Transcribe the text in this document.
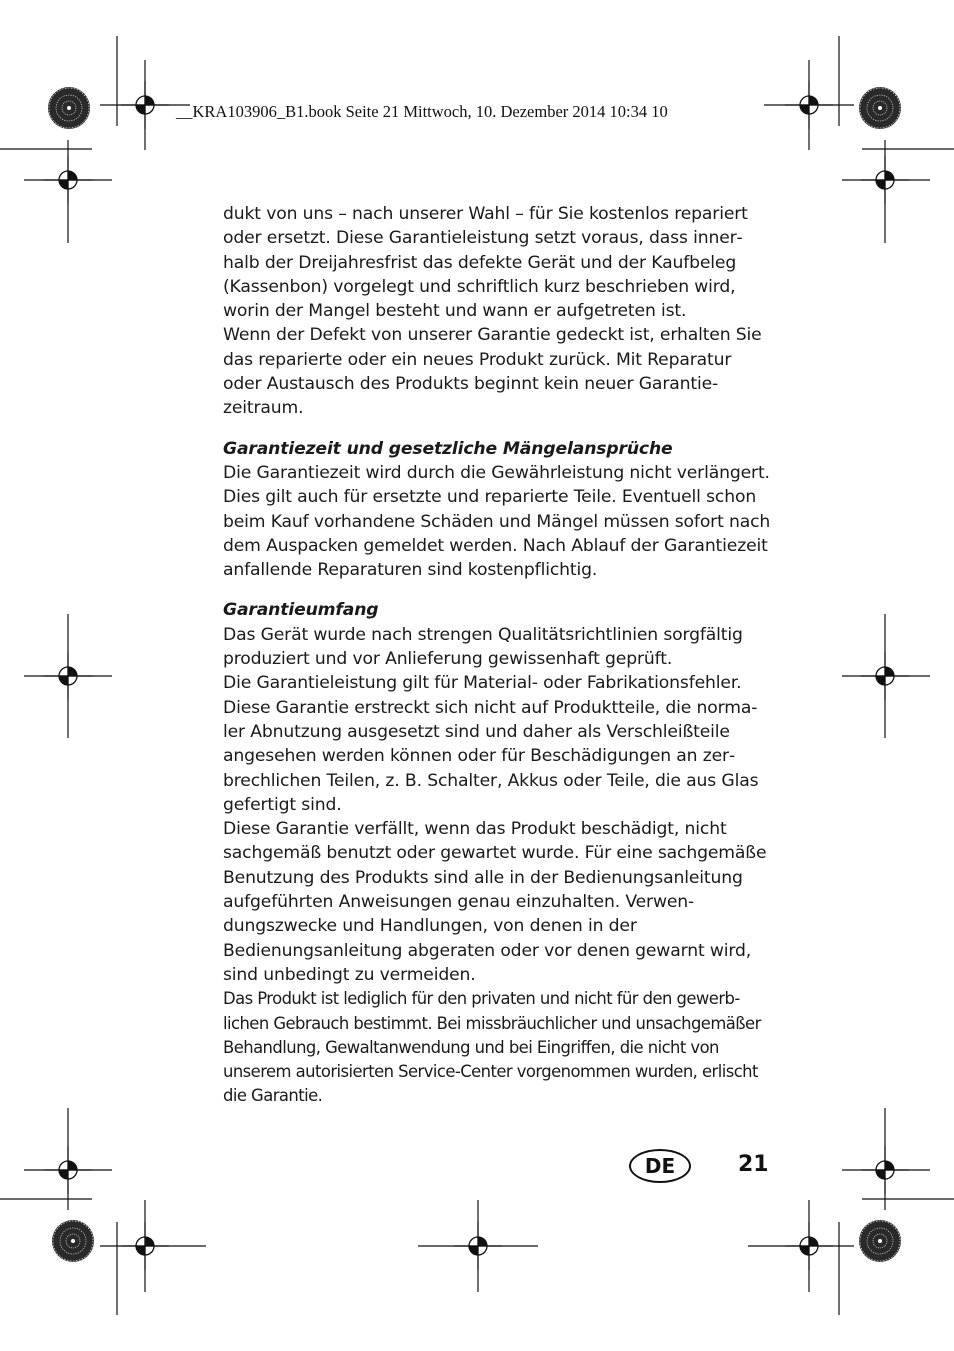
__KRA103906_B1.book Seite 21 Mittwoch, 10. Dezember 2014 10:34 10

dukt von uns – nach unserer Wahl – für Sie kostenlos repariert oder ersetzt. Diese Garantieleistung setzt voraus, dass innerhalb der Dreijahresfrist das defekte Gerät und der Kaufbeleg (Kassenbon) vorgelegt und schriftlich kurz beschrieben wird, worin der Mangel besteht und wann er aufgetreten ist.

Wenn der Defekt von unserer Garantie gedeckt ist, erhalten Sie das reparierte oder ein neues Produkt zurück. Mit Reparatur oder Austausch des Produkts beginnt kein neuer Garantiezeitraum.

Garantiezeit und gesetzliche Mängelansprüche

Die Garantiezeit wird durch die Gewährleistung nicht verlängert. Dies gilt auch für ersetzte und reparierte Teile. Eventuell schon beim Kauf vorhandene Schäden und Mängel müssen sofort nach dem Auspacken gemeldet werden. Nach Ablauf der Garantiezeit anfallende Reparaturen sind kostenpflichtig.

Garantieumfang

Das Gerät wurde nach strengen Qualitätsrichtlinien sorgfältig produziert und vor Anlieferung gewissenhaft geprüft.

Die Garantieleistung gilt für Material- oder Fabrikationsfehler. Diese Garantie erstreckt sich nicht auf Produktteile, die normaler Abnutzung ausgesetzt sind und daher als Verschleißteile angesehen werden können oder für Beschädigungen an zerbrechlichen Teilen, z. B. Schalter, Akkus oder Teile, die aus Glas gefertigt sind.

Diese Garantie verfällt, wenn das Produkt beschädigt, nicht sachgemäß benutzt oder gewartet wurde. Für eine sachgemäße Benutzung des Produkts sind alle in der Bedienungsanleitung aufgeführten Anweisungen genau einzuhalten. Verwendungszwecke und Handlungen, von denen in der Bedienungsanleitung abgeraten oder vor denen gewarnt wird, sind unbedingt zu vermeiden.

Das Produkt ist lediglich für den privaten und nicht für den gewerblichen Gebrauch bestimmt. Bei missbräuchlicher und unsachgemäßer Behandlung, Gewaltanwendung und bei Eingriffen, die nicht von unserem autorisierten Service-Center vorgenommen wurden, erlischt die Garantie.

DE	21
